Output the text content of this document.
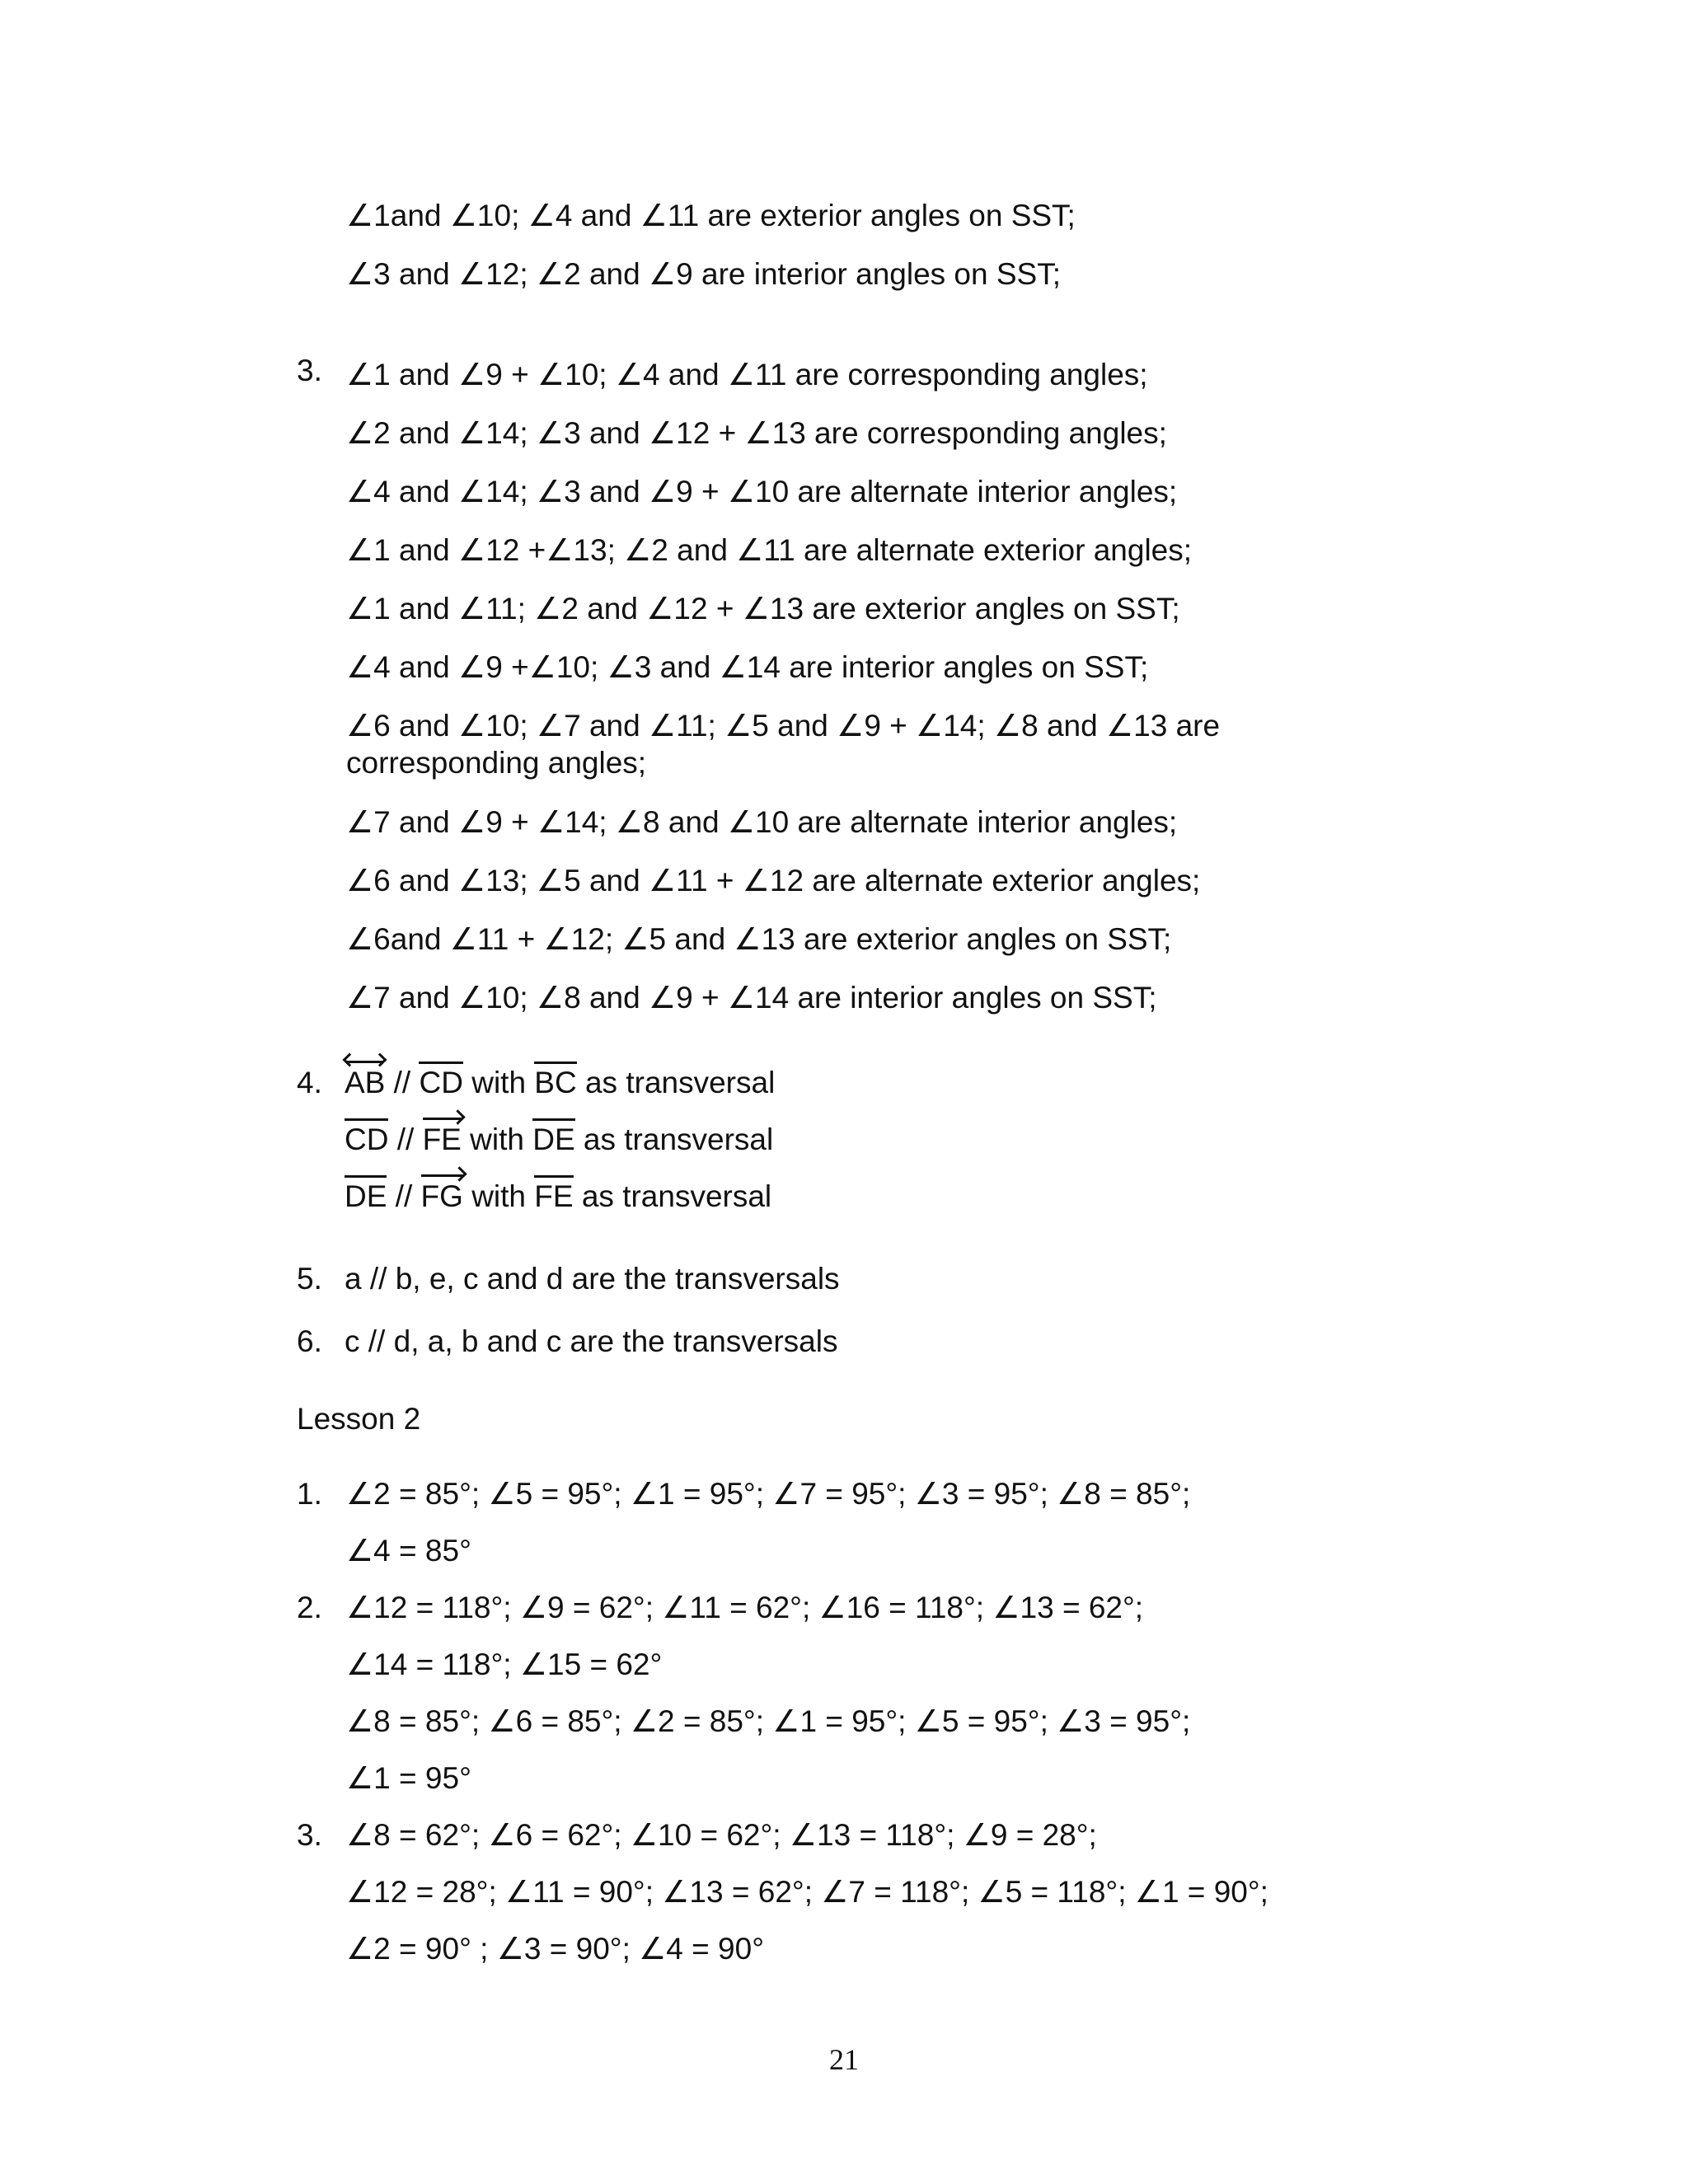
∠1and ∠10; ∠4 and ∠11 are exterior angles on SST;
∠3 and ∠12; ∠2 and ∠9 are interior angles on SST;
3. ∠1 and ∠9 + ∠10; ∠4 and ∠11 are corresponding angles;
∠2 and ∠14; ∠3 and ∠12 + ∠13 are corresponding angles;
∠4 and ∠14; ∠3 and ∠9 + ∠10 are alternate interior angles;
∠1 and ∠12 +∠13; ∠2 and ∠11 are alternate exterior angles;
∠1 and ∠11; ∠2 and ∠12 + ∠13 are exterior angles on SST;
∠4 and ∠9 +∠10; ∠3 and ∠14 are interior angles on SST;
∠6 and ∠10; ∠7 and ∠11; ∠5 and ∠9 + ∠14; ∠8 and ∠13 are
corresponding angles;
∠7 and ∠9 + ∠14; ∠8 and ∠10 are alternate interior angles;
∠6 and ∠13; ∠5 and ∠11 + ∠12 are alternate exterior angles;
∠6and ∠11 + ∠12; ∠5 and ∠13 are exterior angles on SST;
∠7 and ∠10; ∠8 and ∠9 + ∠14 are interior angles on SST;
4. AB // CD with BC as transversal
CD // FE with DE as transversal
DE // FG with FE as transversal
5. a // b, e, c and d are the transversals
6. c // d, a, b and c are the transversals
Lesson 2
1. ∠2 = 85°; ∠5 = 95°; ∠1 = 95°; ∠7 = 95°; ∠3 = 95°; ∠8 = 85°;
∠4 = 85°
2. ∠12 = 118°; ∠9 = 62°; ∠11 = 62°; ∠16 = 118°; ∠13 = 62°;
∠14 = 118°; ∠15 = 62°
∠8 = 85°; ∠6 = 85°; ∠2 = 85°; ∠1 = 95°; ∠5 = 95°; ∠3 = 95°;
∠1 = 95°
3. ∠8 = 62°; ∠6 = 62°; ∠10 = 62°; ∠13 = 118°; ∠9 = 28°;
∠12 = 28°; ∠11 = 90°; ∠13 = 62°; ∠7 = 118°; ∠5 = 118°; ∠1 = 90°;
∠2 = 90° ; ∠3 = 90°; ∠4 = 90°
21
